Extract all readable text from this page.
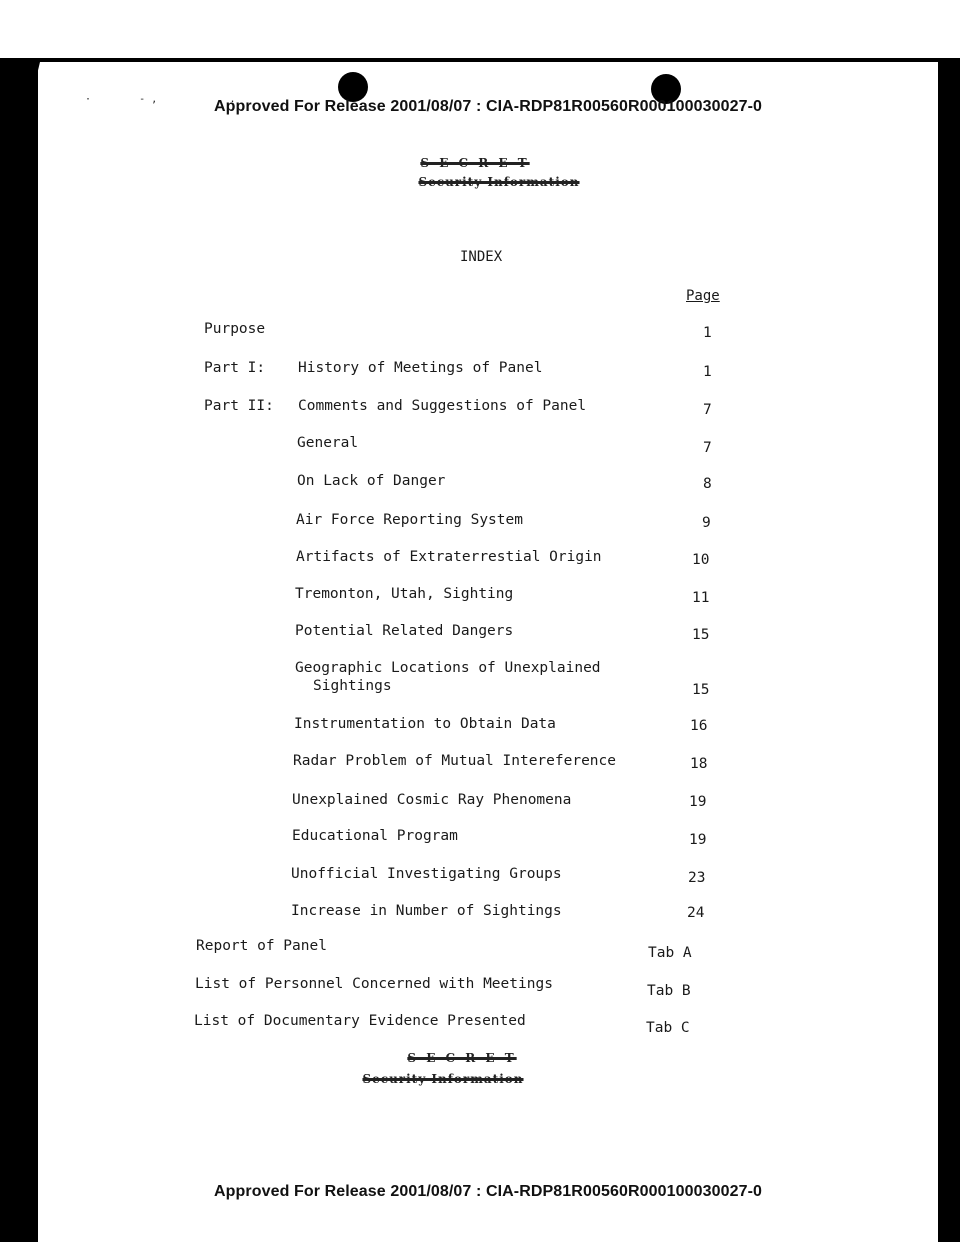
·        - ,            .
Approved For Release 2001/08/07 : CIA-RDP81R00560R000100030027-0
S E C R E T
Security Information
INDEX
Page
Purpose	1
Part I: History of Meetings of Panel	1
Part II: Comments and Suggestions of Panel	7
General	7
On Lack of Danger	8
Air Force Reporting System	9
Artifacts of Extraterrestial Origin	10
Tremonton, Utah, Sighting	11
Potential Related Dangers	15
Geographic Locations of Unexplained
Sightings	15
Instrumentation to Obtain Data	16
Radar Problem of Mutual Intereference	18
Unexplained Cosmic Ray Phenomena	19
Educational Program	19
Unofficial Investigating Groups	23
Increase in Number of Sightings	24
Report of Panel	Tab A
List of Personnel Concerned with Meetings	Tab B
List of Documentary Evidence Presented	Tab C
S E C R E T
Security Information
Approved For Release 2001/08/07 : CIA-RDP81R00560R000100030027-0
